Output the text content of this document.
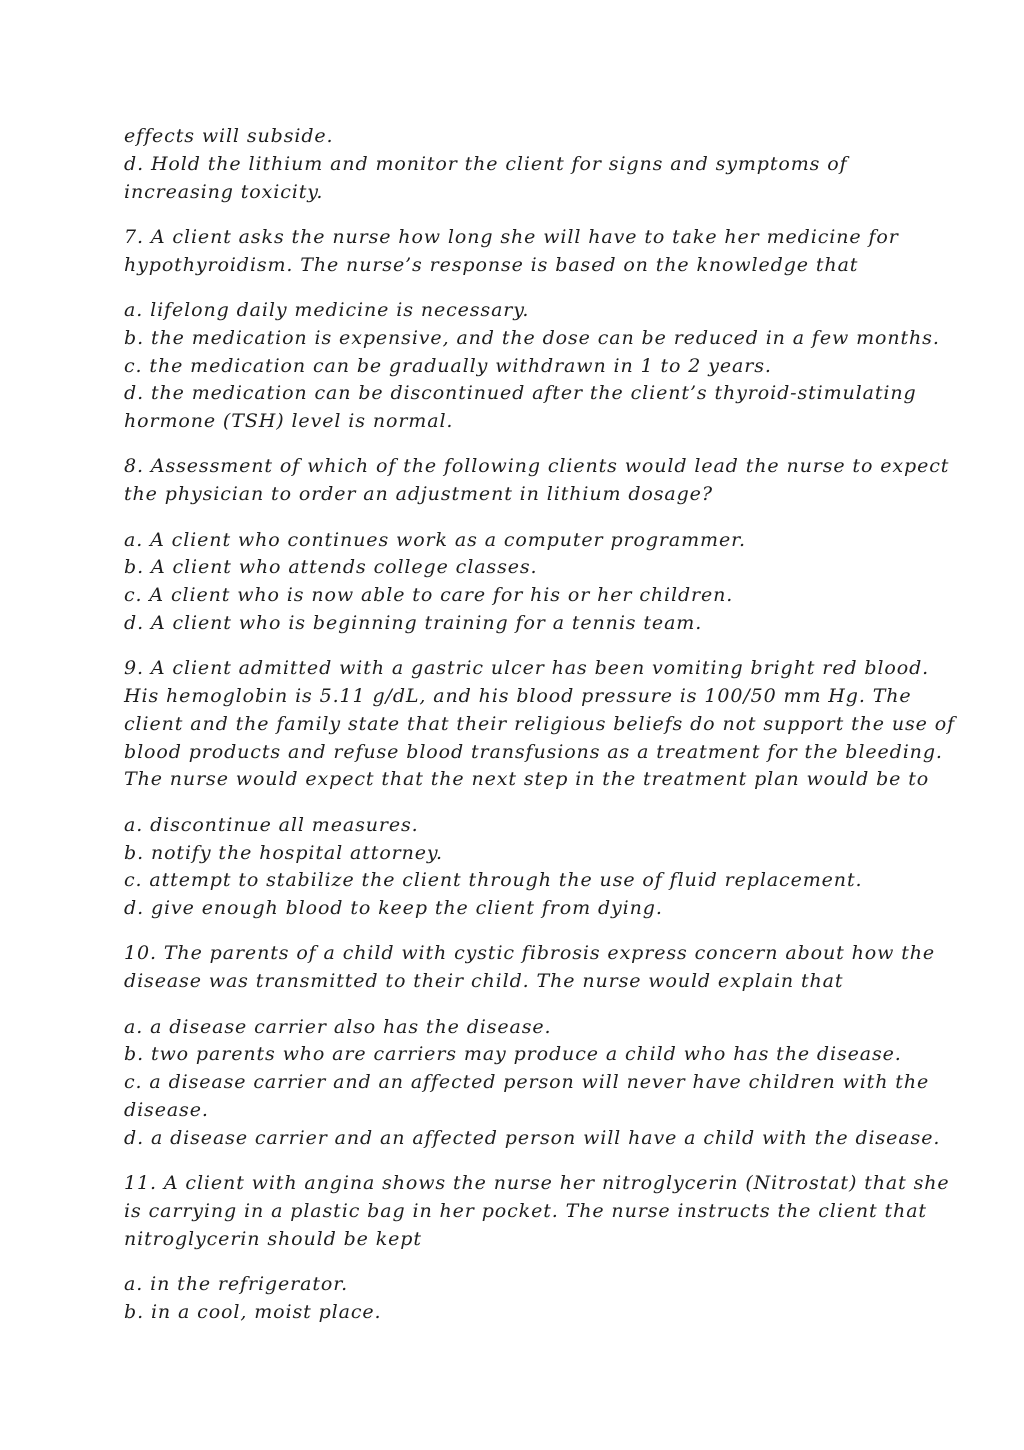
effects will subside.
d. Hold the lithium and monitor the client for signs and symptoms of
increasing toxicity.
7. A client asks the nurse how long she will have to take her medicine for
hypothyroidism. The nurse’s response is based on the knowledge that
a. lifelong daily medicine is necessary.
b. the medication is expensive, and the dose can be reduced in a few months.
c. the medication can be gradually withdrawn in 1 to 2 years.
d. the medication can be discontinued after the client’s thyroid-stimulating
hormone (TSH) level is normal.
8. Assessment of which of the following clients would lead the nurse to expect
the physician to order an adjustment in lithium dosage?
a. A client who continues work as a computer programmer.
b. A client who attends college classes.
c. A client who is now able to care for his or her children.
d. A client who is beginning training for a tennis team.
9. A client admitted with a gastric ulcer has been vomiting bright red blood.
His hemoglobin is 5.11 g/dL, and his blood pressure is 100/50 mm Hg. The
client and the family state that their religious beliefs do not support the use of
blood products and refuse blood transfusions as a treatment for the bleeding.
The nurse would expect that the next step in the treatment plan would be to
a. discontinue all measures.
b. notify the hospital attorney.
c. attempt to stabilize the client through the use of fluid replacement.
d. give enough blood to keep the client from dying.
10. The parents of a child with cystic fibrosis express concern about how the
disease was transmitted to their child. The nurse would explain that
a. a disease carrier also has the disease.
b. two parents who are carriers may produce a child who has the disease.
c. a disease carrier and an affected person will never have children with the
disease.
d. a disease carrier and an affected person will have a child with the disease.
11. A client with angina shows the nurse her nitroglycerin (Nitrostat) that she
is carrying in a plastic bag in her pocket. The nurse instructs the client that
nitroglycerin should be kept
a. in the refrigerator.
b. in a cool, moist place.
